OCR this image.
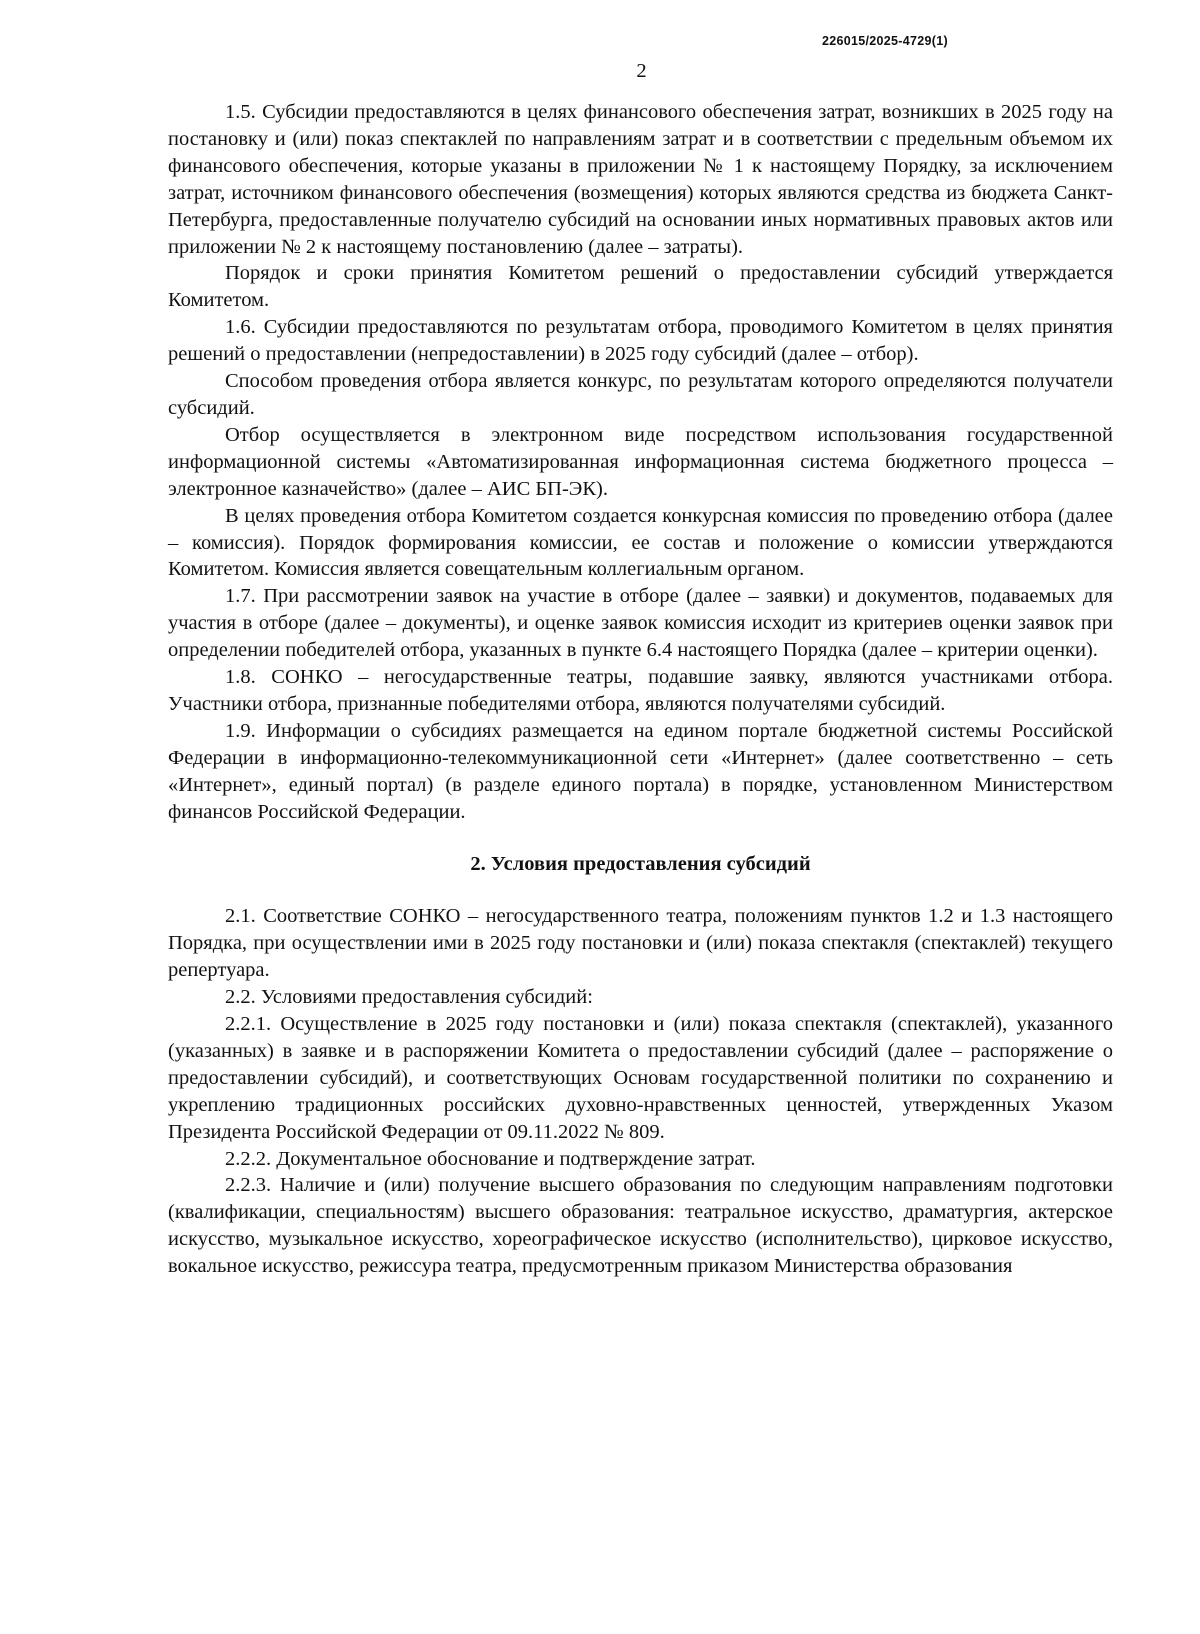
226015/2025-4729(1)
2

1.5. Субсидии предоставляются в целях финансового обеспечения затрат, возникших в 2025 году на постановку и (или) показ спектаклей по направлениям затрат и в соответствии с предельным объемом их финансового обеспечения, которые указаны в приложении № 1 к настоящему Порядку, за исключением затрат, источником финансового обеспечения (возмещения) которых являются средства из бюджета Санкт-Петербурга, предоставленные получателю субсидий на основании иных нормативных правовых актов или приложении № 2 к настоящему постановлению (далее – затраты).

Порядок и сроки принятия Комитетом решений о предоставлении субсидий утверждается Комитетом.

1.6. Субсидии предоставляются по результатам отбора, проводимого Комитетом в целях принятия решений о предоставлении (непредоставлении) в 2025 году субсидий (далее – отбор).

Способом проведения отбора является конкурс, по результатам которого определяются получатели субсидий.

Отбор осуществляется в электронном виде посредством использования государственной информационной системы «Автоматизированная информационная система бюджетного процесса – электронное казначейство» (далее – АИС БП-ЭК).

В целях проведения отбора Комитетом создается конкурсная комиссия по проведению отбора (далее – комиссия). Порядок формирования комиссии, ее состав и положение о комиссии утверждаются Комитетом. Комиссия является совещательным коллегиальным органом.

1.7. При рассмотрении заявок на участие в отборе (далее – заявки) и документов, подаваемых для участия в отборе (далее – документы), и оценке заявок комиссия исходит из критериев оценки заявок при определении победителей отбора, указанных в пункте 6.4 настоящего Порядка (далее – критерии оценки).

1.8. СОНКО – негосударственные театры, подавшие заявку, являются участниками отбора. Участники отбора, признанные победителями отбора, являются получателями субсидий.

1.9. Информации о субсидиях размещается на едином портале бюджетной системы Российской Федерации в информационно-телекоммуникационной сети «Интернет» (далее соответственно – сеть «Интернет», единый портал) (в разделе единого портала) в порядке, установленном Министерством финансов Российской Федерации.

2. Условия предоставления субсидий

2.1. Соответствие СОНКО – негосударственного театра, положениям пунктов 1.2 и 1.3 настоящего Порядка, при осуществлении ими в 2025 году постановки и (или) показа спектакля (спектаклей) текущего репертуара.

2.2. Условиями предоставления субсидий:

2.2.1. Осуществление в 2025 году постановки и (или) показа спектакля (спектаклей), указанного (указанных) в заявке и в распоряжении Комитета о предоставлении субсидий (далее – распоряжение о предоставлении субсидий), и соответствующих Основам государственной политики по сохранению и укреплению традиционных российских духовно-нравственных ценностей, утвержденных Указом Президента Российской Федерации от 09.11.2022 № 809.

2.2.2. Документальное обоснование и подтверждение затрат.

2.2.3. Наличие и (или) получение высшего образования по следующим направлениям подготовки (квалификации, специальностям) высшего образования: театральное искусство, драматургия, актерское искусство, музыкальное искусство, хореографическое искусство (исполнительство), цирковое искусство, вокальное искусство, режиссура театра, предусмотренным приказом Министерства образования
